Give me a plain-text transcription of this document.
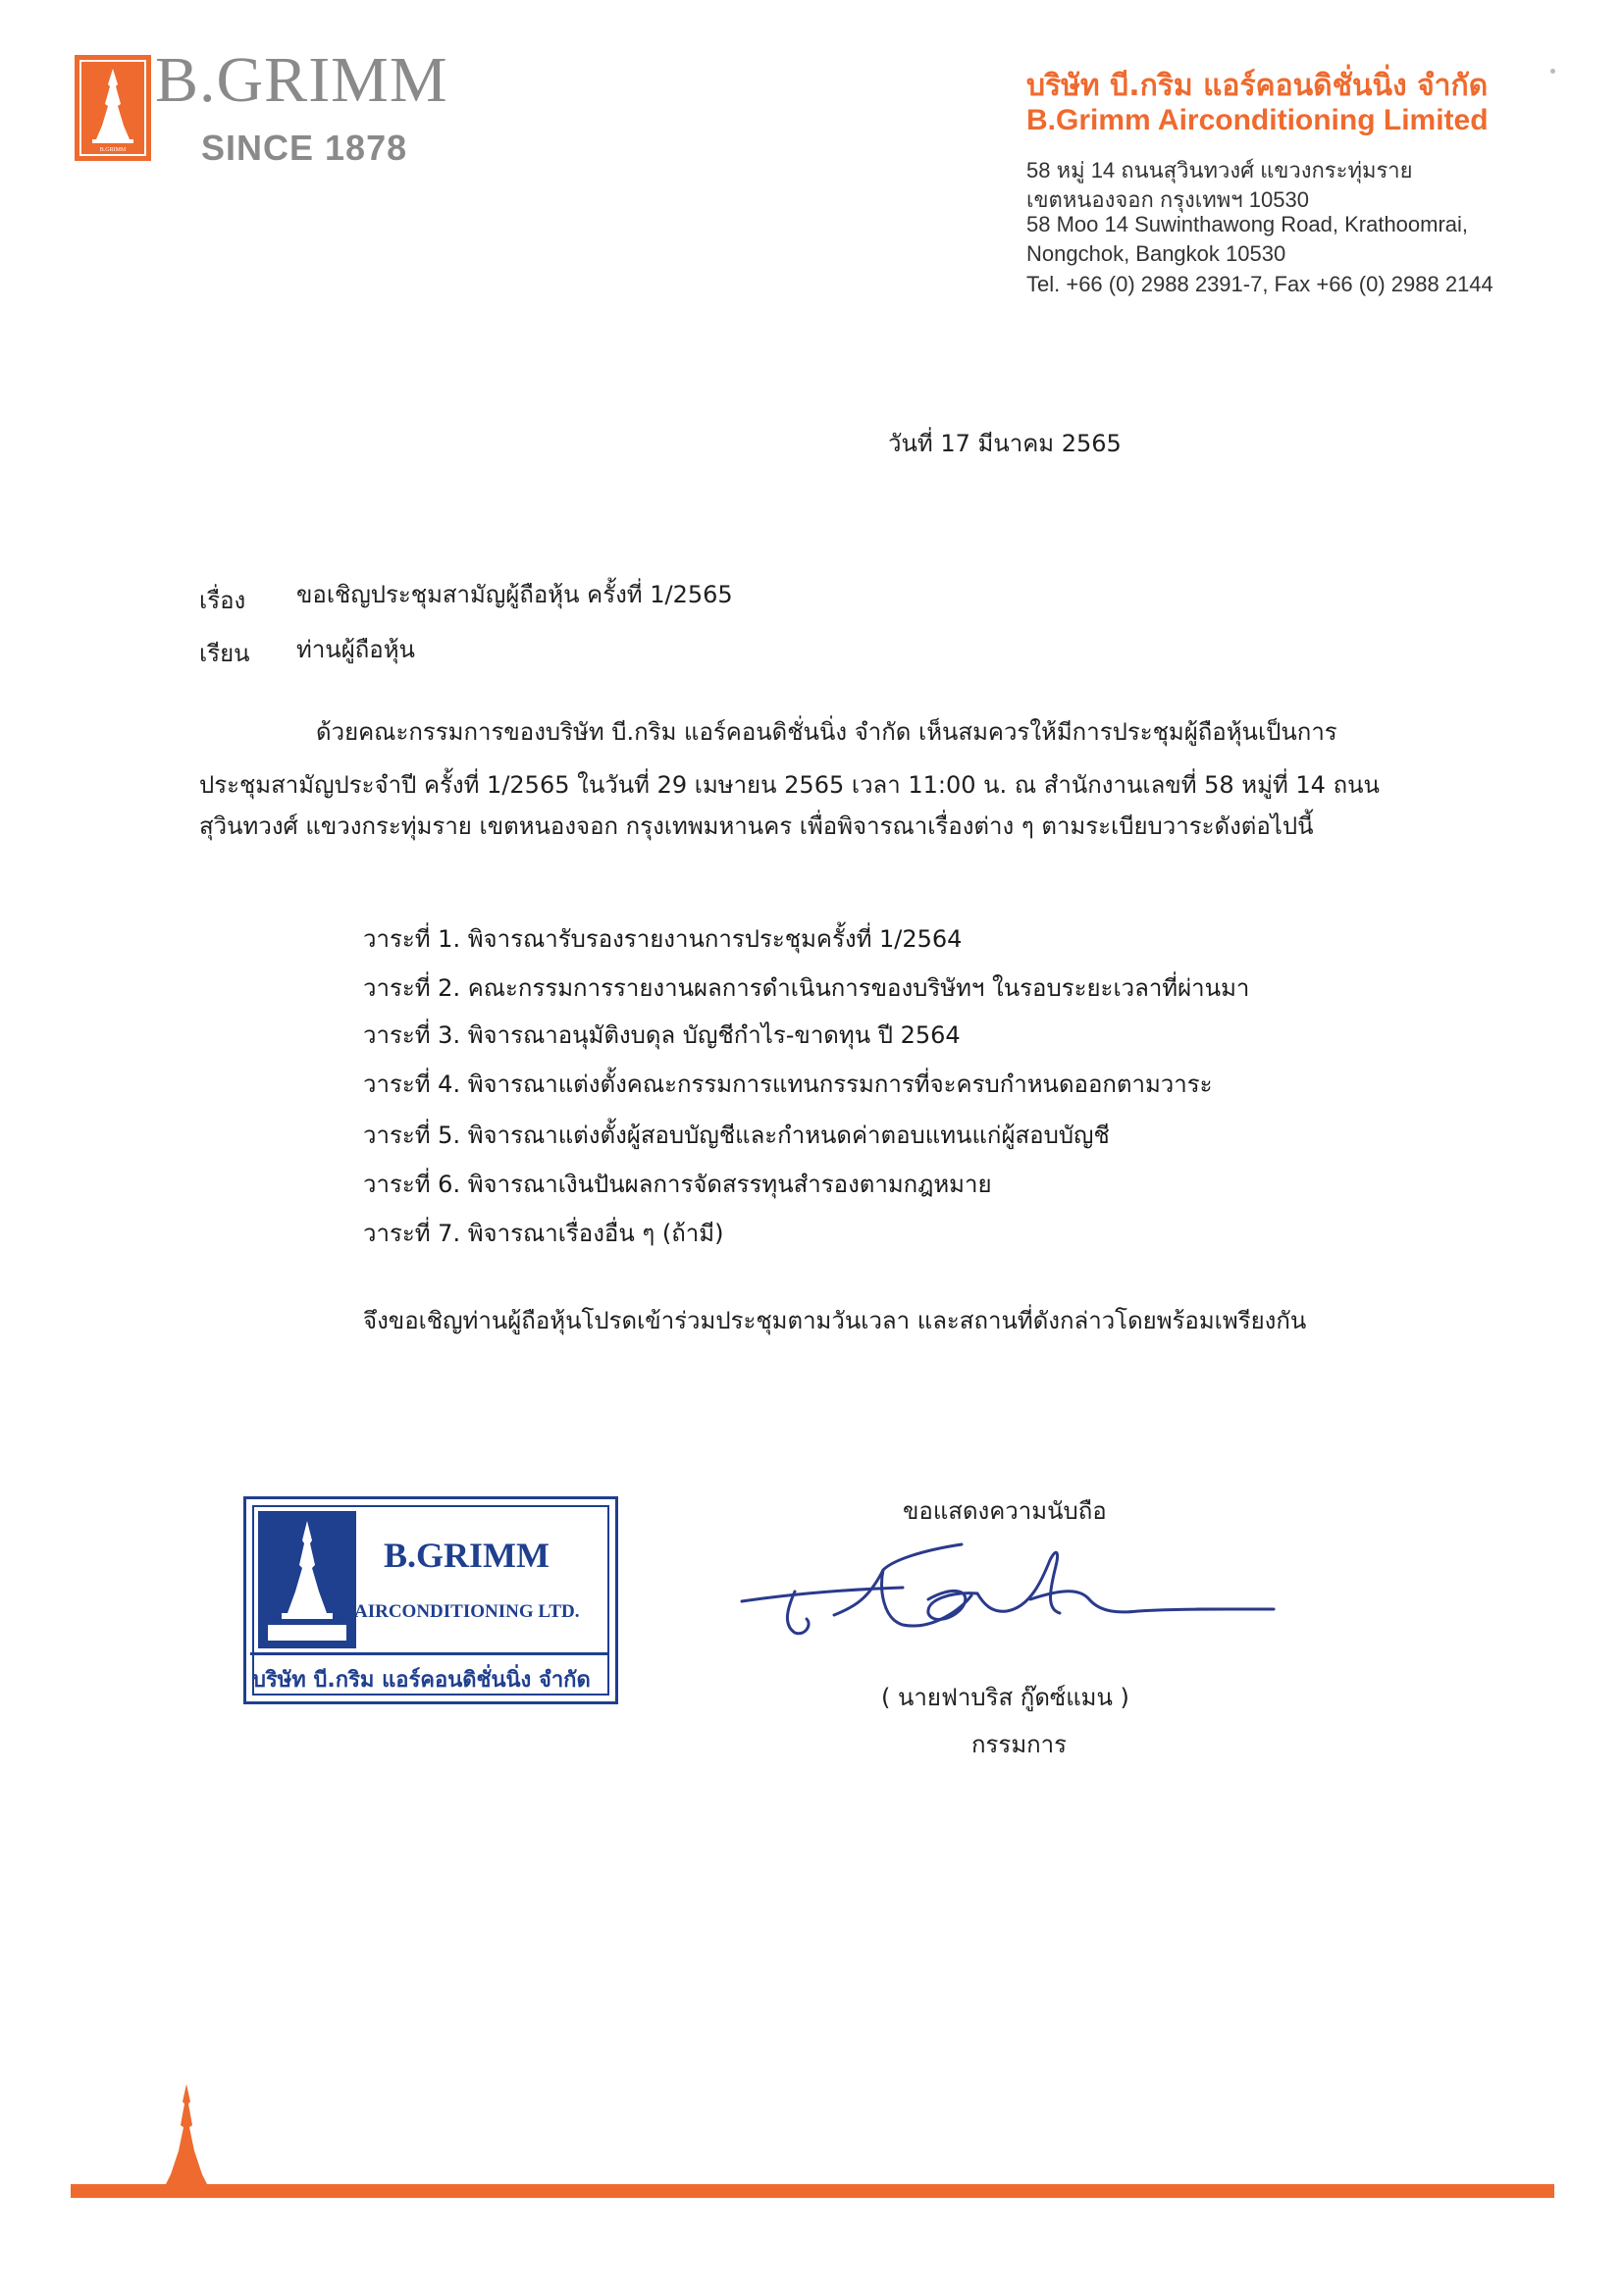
B.GRIMM
B.GRIMM
SINCE 1878
บริษัท บี.กริม แอร์คอนดิชั่นนิ่ง จำกัด
B.Grimm Airconditioning Limited
58 หมู่ 14 ถนนสุวินทวงศ์ แขวงกระทุ่มราย
เขตหนองจอก กรุงเทพฯ 10530
58 Moo 14 Suwinthawong Road, Krathoomrai,
Nongchok, Bangkok 10530
Tel. +66 (0) 2988 2391-7, Fax +66 (0) 2988 2144
วันที่ 17 มีนาคม 2565
เรื่อง ขอเชิญประชุมสามัญผู้ถือหุ้น ครั้งที่ 1/2565
เรียน ท่านผู้ถือหุ้น
ด้วยคณะกรรมการของบริษัท บี.กริม แอร์คอนดิชั่นนิ่ง จำกัด เห็นสมควรให้มีการประชุมผู้ถือหุ้นเป็นการ
ประชุมสามัญประจำปี ครั้งที่ 1/2565 ในวันที่ 29 เมษายน 2565 เวลา 11:00 น. ณ สำนักงานเลขที่ 58 หมู่ที่ 14 ถนน
สุวินทวงศ์ แขวงกระทุ่มราย เขตหนองจอก กรุงเทพมหานคร เพื่อพิจารณาเรื่องต่าง ๆ ตามระเบียบวาระดังต่อไปนี้
วาระที่ 1. พิจารณารับรองรายงานการประชุมครั้งที่ 1/2564
วาระที่ 2. คณะกรรมการรายงานผลการดำเนินการของบริษัทฯ ในรอบระยะเวลาที่ผ่านมา
วาระที่ 3. พิจารณาอนุมัติงบดุล บัญชีกำไร-ขาดทุน ปี 2564
วาระที่ 4. พิจารณาแต่งตั้งคณะกรรมการแทนกรรมการที่จะครบกำหนดออกตามวาระ
วาระที่ 5. พิจารณาแต่งตั้งผู้สอบบัญชีและกำหนดค่าตอบแทนแก่ผู้สอบบัญชี
วาระที่ 6. พิจารณาเงินปันผลการจัดสรรทุนสำรองตามกฎหมาย
วาระที่ 7. พิจารณาเรื่องอื่น ๆ (ถ้ามี)
จึงขอเชิญท่านผู้ถือหุ้นโปรดเข้าร่วมประชุมตามวันเวลา และสถานที่ดังกล่าวโดยพร้อมเพรียงกัน
ขอแสดงความนับถือ
B.GRIMM
AIRCONDITIONING LTD.
บริษัท บี.กริม แอร์คอนดิชั่นนิ่ง จำกัด
( นายฟาบริส กู๊ดซ์แมน )
กรรมการ
